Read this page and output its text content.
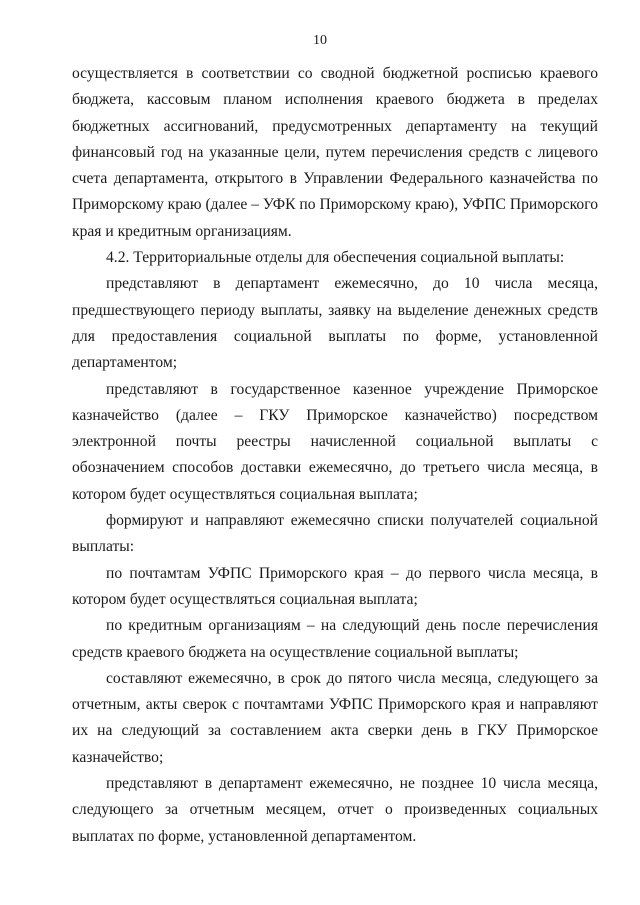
10

осуществляется в соответствии со сводной бюджетной росписью краевого бюджета, кассовым планом исполнения краевого бюджета в пределах бюджетных ассигнований, предусмотренных департаменту на текущий финансовый год на указанные цели, путем перечисления средств с лицевого счета департамента, открытого в Управлении Федерального казначейства по Приморскому краю (далее – УФК по Приморскому краю), УФПС Приморского края и кредитным организациям.

4.2. Территориальные отделы для обеспечения социальной выплаты:

представляют в департамент ежемесячно, до 10 числа месяца, предшествующего периоду выплаты, заявку на выделение денежных средств для предоставления социальной выплаты по форме, установленной департаментом;

представляют в государственное казенное учреждение Приморское казначейство (далее – ГКУ Приморское казначейство) посредством электронной почты реестры начисленной социальной выплаты с обозначением способов доставки ежемесячно, до третьего числа месяца, в котором будет осуществляться социальная выплата;

формируют и направляют ежемесячно списки получателей социальной выплаты:

по почтамтам УФПС Приморского края – до первого числа месяца, в котором будет осуществляться социальная выплата;

по кредитным организациям – на следующий день после перечисления средств краевого бюджета на осуществление социальной выплаты;

составляют ежемесячно, в срок до пятого числа месяца, следующего за отчетным, акты сверок с почтамтами УФПС Приморского края и направляют их на следующий за составлением акта сверки день в ГКУ Приморское казначейство;

представляют в департамент ежемесячно, не позднее 10 числа месяца, следующего за отчетным месяцем, отчет о произведенных социальных выплатах по форме, установленной департаментом.
